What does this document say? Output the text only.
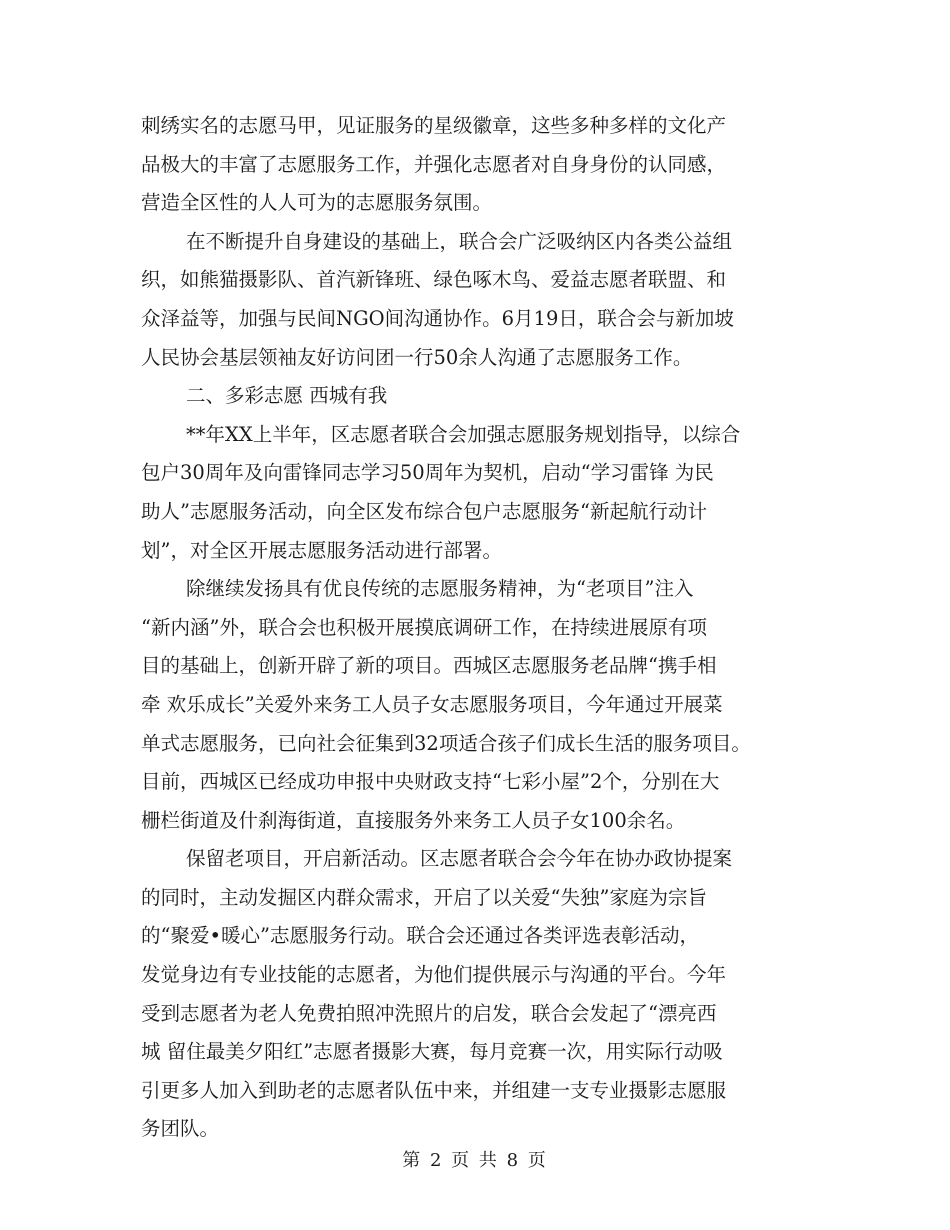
刺绣实名的志愿马甲，见证服务的星级徽章，这些多种多样的文化产
品极大的丰富了志愿服务工作，并强化志愿者对自身身份的认同感，
营造全区性的人人可为的志愿服务氛围。
在不断提升自身建设的基础上，联合会广泛吸纳区内各类公益组
织，如熊猫摄影队、首汽新锋班、绿色啄木鸟、爱益志愿者联盟、和
众泽益等，加强与民间NGO间沟通协作。6月19日，联合会与新加坡
人民协会基层领袖友好访问团一行50余人沟通了志愿服务工作。
二、多彩志愿 西城有我
**年XX上半年，区志愿者联合会加强志愿服务规划指导，以综合
包户30周年及向雷锋同志学习50周年为契机，启动“学习雷锋 为民
助人”志愿服务活动，向全区发布综合包户志愿服务“新起航行动计
划”，对全区开展志愿服务活动进行部署。
除继续发扬具有优良传统的志愿服务精神，为“老项目”注入
“新内涵”外，联合会也积极开展摸底调研工作，在持续进展原有项
目的基础上，创新开辟了新的项目。西城区志愿服务老品牌“携手相
牵 欢乐成长”关爱外来务工人员子女志愿服务项目，今年通过开展菜
单式志愿服务，已向社会征集到32项适合孩子们成长生活的服务项目。
目前，西城区已经成功申报中央财政支持“七彩小屋”2个，分别在大
栅栏街道及什刹海街道，直接服务外来务工人员子女100余名。
保留老项目，开启新活动。区志愿者联合会今年在协办政协提案
的同时，主动发掘区内群众需求，开启了以关爱“失独”家庭为宗旨
的“聚爱•暖心”志愿服务行动。联合会还通过各类评选表彰活动，
发觉身边有专业技能的志愿者，为他们提供展示与沟通的平台。今年
受到志愿者为老人免费拍照冲洗照片的启发，联合会发起了“漂亮西
城 留住最美夕阳红”志愿者摄影大赛，每月竞赛一次，用实际行动吸
引更多人加入到助老的志愿者队伍中来，并组建一支专业摄影志愿服
务团队。
第 2 页 共 8 页
